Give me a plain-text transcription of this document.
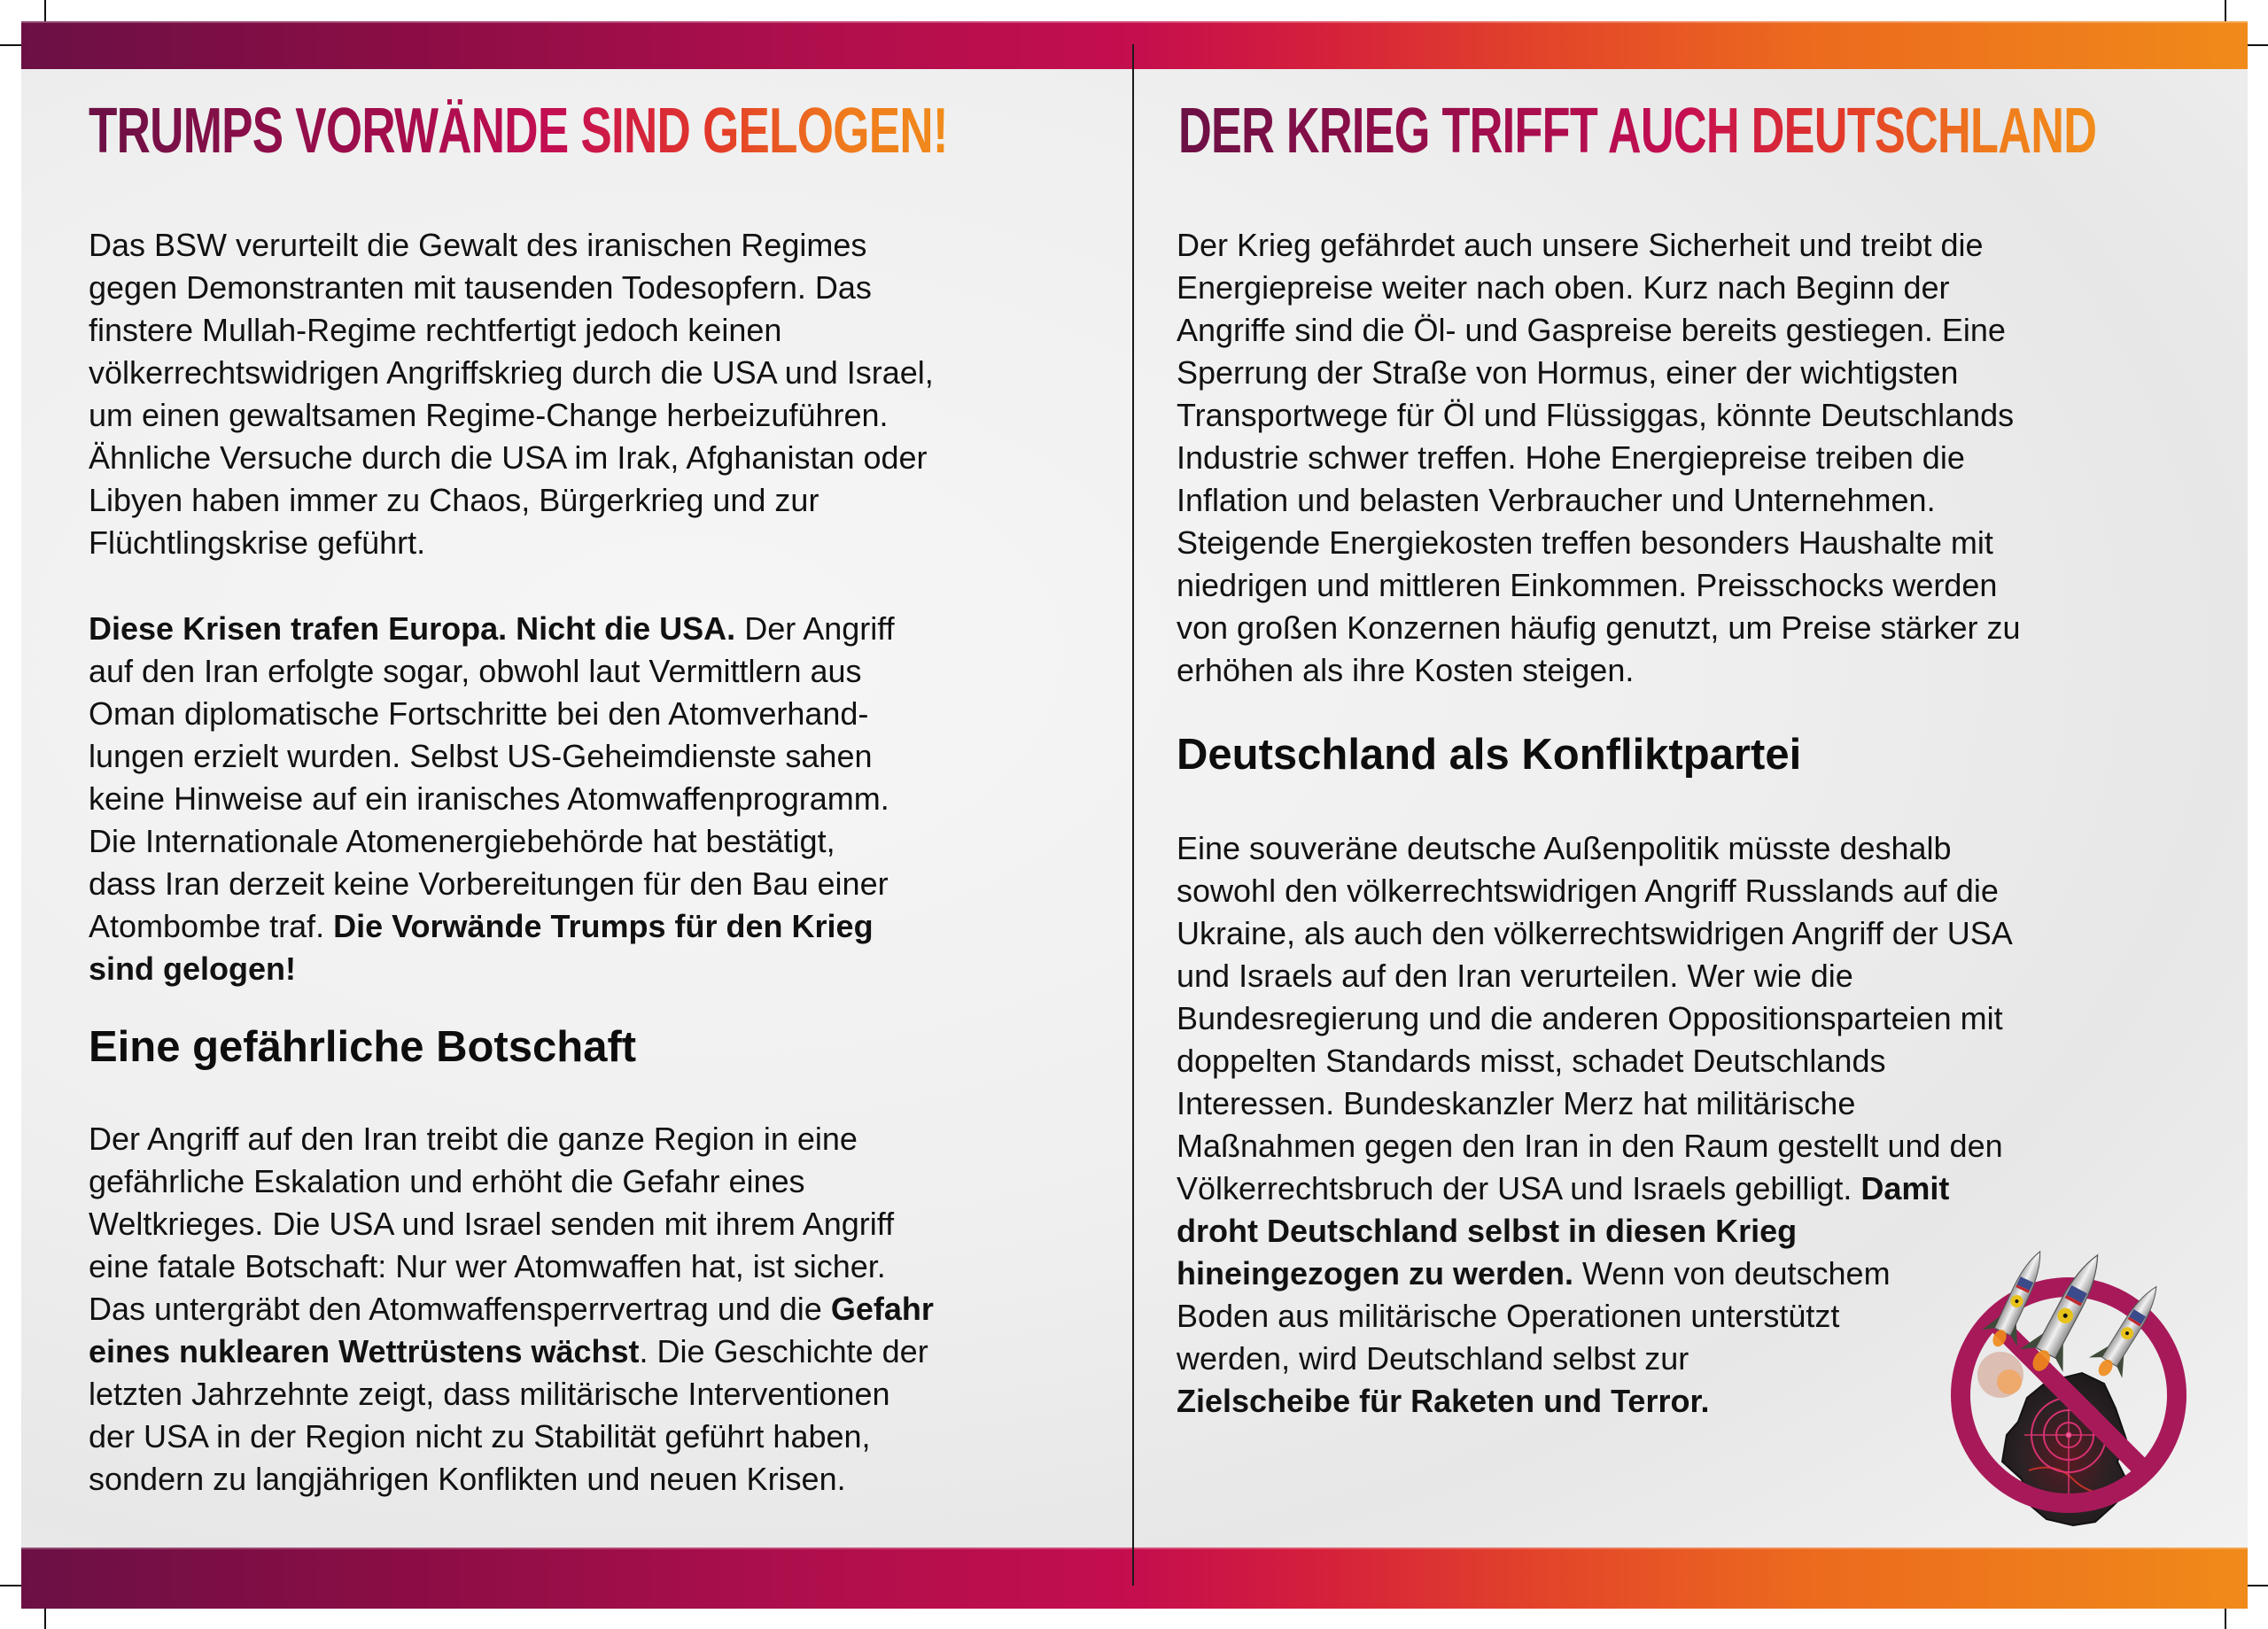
TRUMPS VORWÄNDE SIND GELOGEN!
Das BSW verurteilt die Gewalt des iranischen Regimes
gegen Demonstranten mit tausenden Todesopfern. Das
finstere Mullah-Regime rechtfertigt jedoch keinen
völkerrechtswidrigen Angriffskrieg durch die USA und Israel,
um einen gewaltsamen Regime-Change herbeizuführen.
Ähnliche Versuche durch die USA im Irak, Afghanistan oder
Libyen haben immer zu Chaos, Bürgerkrieg und zur
Flüchtlingskrise geführt.
Diese Krisen trafen Europa. Nicht die USA. Der Angriff
auf den Iran erfolgte sogar, obwohl laut Vermittlern aus
Oman diplomatische Fortschritte bei den Atomverhand-
lungen erzielt wurden. Selbst US-Geheimdienste sahen
keine Hinweise auf ein iranisches Atomwaffenprogramm.
Die Internationale Atomenergiebehörde hat bestätigt,
dass Iran derzeit keine Vorbereitungen für den Bau einer
Atombombe traf. Die Vorwände Trumps für den Krieg
sind gelogen!
Eine gefährliche Botschaft
Der Angriff auf den Iran treibt die ganze Region in eine
gefährliche Eskalation und erhöht die Gefahr eines
Weltkrieges. Die USA und Israel senden mit ihrem Angriff
eine fatale Botschaft: Nur wer Atomwaffen hat, ist sicher.
Das untergräbt den Atomwaffensperrvertrag und die Gefahr
eines nuklearen Wettrüstens wächst. Die Geschichte der
letzten Jahrzehnte zeigt, dass militärische Interventionen
der USA in der Region nicht zu Stabilität geführt haben,
sondern zu langjährigen Konflikten und neuen Krisen.
DER KRIEG TRIFFT AUCH DEUTSCHLAND
Der Krieg gefährdet auch unsere Sicherheit und treibt die
Energiepreise weiter nach oben. Kurz nach Beginn der
Angriffe sind die Öl- und Gaspreise bereits gestiegen. Eine
Sperrung der Straße von Hormus, einer der wichtigsten
Transportwege für Öl und Flüssiggas, könnte Deutschlands
Industrie schwer treffen. Hohe Energiepreise treiben die
Inflation und belasten Verbraucher und Unternehmen.
Steigende Energiekosten treffen besonders Haushalte mit
niedrigen und mittleren Einkommen. Preisschocks werden
von großen Konzernen häufig genutzt, um Preise stärker zu
erhöhen als ihre Kosten steigen.
Deutschland als Konfliktpartei
Eine souveräne deutsche Außenpolitik müsste deshalb
sowohl den völkerrechtswidrigen Angriff Russlands auf die
Ukraine, als auch den völkerrechtswidrigen Angriff der USA
und Israels auf den Iran verurteilen. Wer wie die
Bundesregierung und die anderen Oppositionsparteien mit
doppelten Standards misst, schadet Deutschlands
Interessen. Bundeskanzler Merz hat militärische
Maßnahmen gegen den Iran in den Raum gestellt und den
Völkerrechtsbruch der USA und Israels gebilligt. Damit
droht Deutschland selbst in diesen Krieg
hineingezogen zu werden. Wenn von deutschem
Boden aus militärische Operationen unterstützt
werden, wird Deutschland selbst zur
Zielscheibe für Raketen und Terror.
